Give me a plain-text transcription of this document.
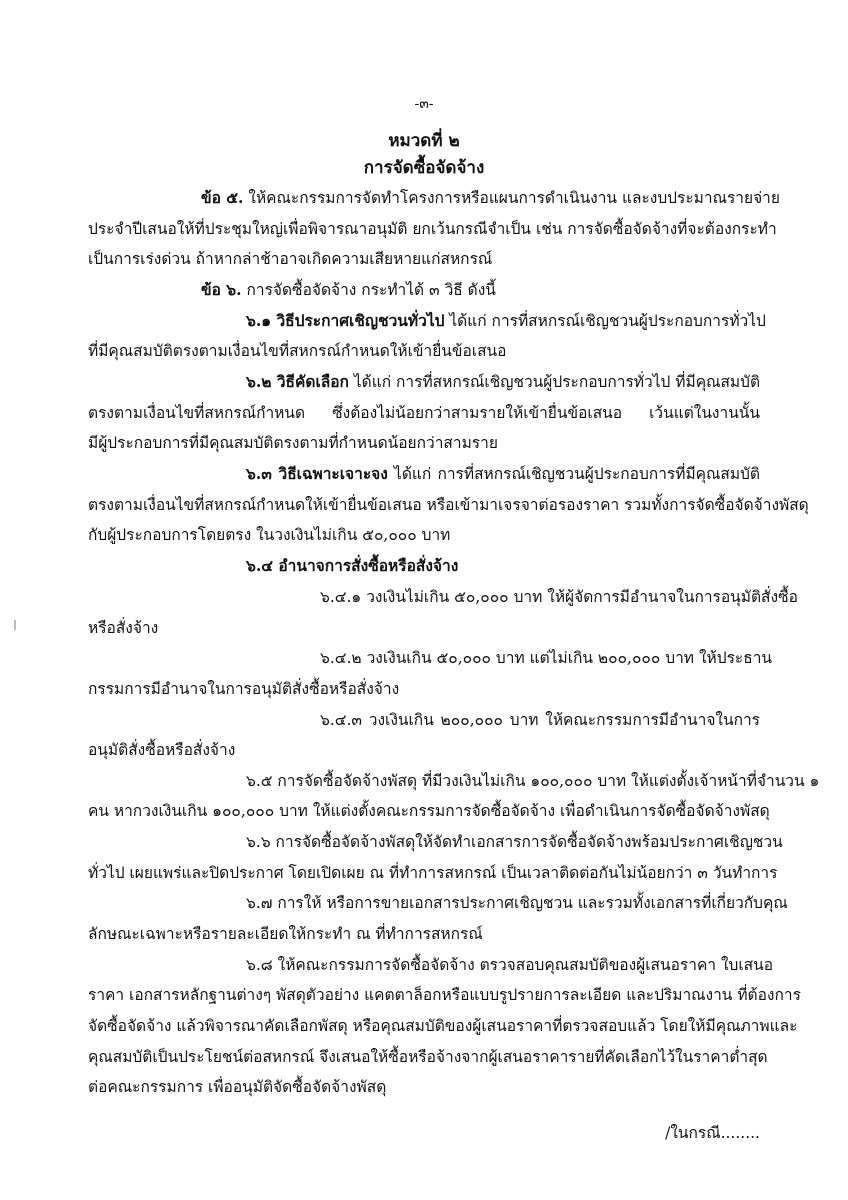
-๓-
หมวดที่ ๒
การจัดซื้อจัดจ้าง
ข้อ ๕. ให้คณะกรรมการจัดทำโครงการหรือแผนการดำเนินงาน และงบประมาณรายจ่าย
ประจำปีเสนอให้ที่ประชุมใหญ่เพื่อพิจารณาอนุมัติ ยกเว้นกรณีจำเป็น เช่น การจัดซื้อจัดจ้างที่จะต้องกระทำ
เป็นการเร่งด่วน ถ้าหากล่าช้าอาจเกิดความเสียหายแก่สหกรณ์
ข้อ ๖. การจัดซื้อจัดจ้าง กระทำได้ ๓ วิธี ดังนี้
๖.๑ วิธีประกาศเชิญชวนทั่วไป ได้แก่ การที่สหกรณ์เชิญชวนผู้ประกอบการทั่วไป
ที่มีคุณสมบัติตรงตามเงื่อนไขที่สหกรณ์กำหนดให้เข้ายื่นข้อเสนอ
๖.๒ วิธีคัดเลือก ได้แก่ การที่สหกรณ์เชิญชวนผู้ประกอบการทั่วไป ที่มีคุณสมบัติ
ตรงตามเงื่อนไขที่สหกรณ์กำหนด ซึ่งต้องไม่น้อยกว่าสามรายให้เข้ายื่นข้อเสนอ เว้นแต่ในงานนั้น
มีผู้ประกอบการที่มีคุณสมบัติตรงตามที่กำหนดน้อยกว่าสามราย
๖.๓ วิธีเฉพาะเจาะจง ได้แก่ การที่สหกรณ์เชิญชวนผู้ประกอบการที่มีคุณสมบัติ
ตรงตามเงื่อนไขที่สหกรณ์กำหนดให้เข้ายื่นข้อเสนอ หรือเข้ามาเจรจาต่อรองราคา รวมทั้งการจัดซื้อจัดจ้างพัสดุ
กับผู้ประกอบการโดยตรง ในวงเงินไม่เกิน ๕๐,๐๐๐ บาท
๖.๔ อำนาจการสั่งซื้อหรือสั่งจ้าง
๖.๔.๑ วงเงินไม่เกิน ๕๐,๐๐๐ บาท ให้ผู้จัดการมีอำนาจในการอนุมัติสั่งซื้อ
หรือสั่งจ้าง
๖.๔.๒ วงเงินเกิน ๕๐,๐๐๐ บาท แต่ไม่เกิน ๒๐๐,๐๐๐ บาท ให้ประธาน
กรรมการมีอำนาจในการอนุมัติสั่งซื้อหรือสั่งจ้าง
๖.๔.๓ วงเงินเกิน ๒๐๐,๐๐๐ บาท ให้คณะกรรมการมีอำนาจในการ
อนุมัติสั่งซื้อหรือสั่งจ้าง
๖.๕ การจัดซื้อจัดจ้างพัสดุ ที่มีวงเงินไม่เกิน ๑๐๐,๐๐๐ บาท ให้แต่งตั้งเจ้าหน้าที่จำนวน ๑
คน หากวงเงินเกิน ๑๐๐,๐๐๐ บาท ให้แต่งตั้งคณะกรรมการจัดซื้อจัดจ้าง เพื่อดำเนินการจัดซื้อจัดจ้างพัสดุ
๖.๖ การจัดซื้อจัดจ้างพัสดุให้จัดทำเอกสารการจัดซื้อจัดจ้างพร้อมประกาศเชิญชวน
ทั่วไป เผยแพร่และปิดประกาศ โดยเปิดเผย ณ ที่ทำการสหกรณ์ เป็นเวลาติดต่อกันไม่น้อยกว่า ๓ วันทำการ
๖.๗ การให้ หรือการขายเอกสารประกาศเชิญชวน และรวมทั้งเอกสารที่เกี่ยวกับคุณ
ลักษณะเฉพาะหรือรายละเอียดให้กระทำ ณ ที่ทำการสหกรณ์
๖.๘ ให้คณะกรรมการจัดซื้อจัดจ้าง ตรวจสอบคุณสมบัติของผู้เสนอราคา ใบเสนอ
ราคา เอกสารหลักฐานต่างๆ พัสดุตัวอย่าง แคตตาล็อกหรือแบบรูปรายการละเอียด และปริมาณงาน ที่ต้องการ
จัดซื้อจัดจ้าง แล้วพิจารณาคัดเลือกพัสดุ หรือคุณสมบัติของผู้เสนอราคาที่ตรวจสอบแล้ว โดยให้มีคุณภาพและ
คุณสมบัติเป็นประโยชน์ต่อสหกรณ์ จึงเสนอให้ซื้อหรือจ้างจากผู้เสนอราคารายที่คัดเลือกไว้ในราคาต่ำสุด
ต่อคณะกรรมการ เพื่ออนุมัติจัดซื้อจัดจ้างพัสดุ
/ในกรณี........
